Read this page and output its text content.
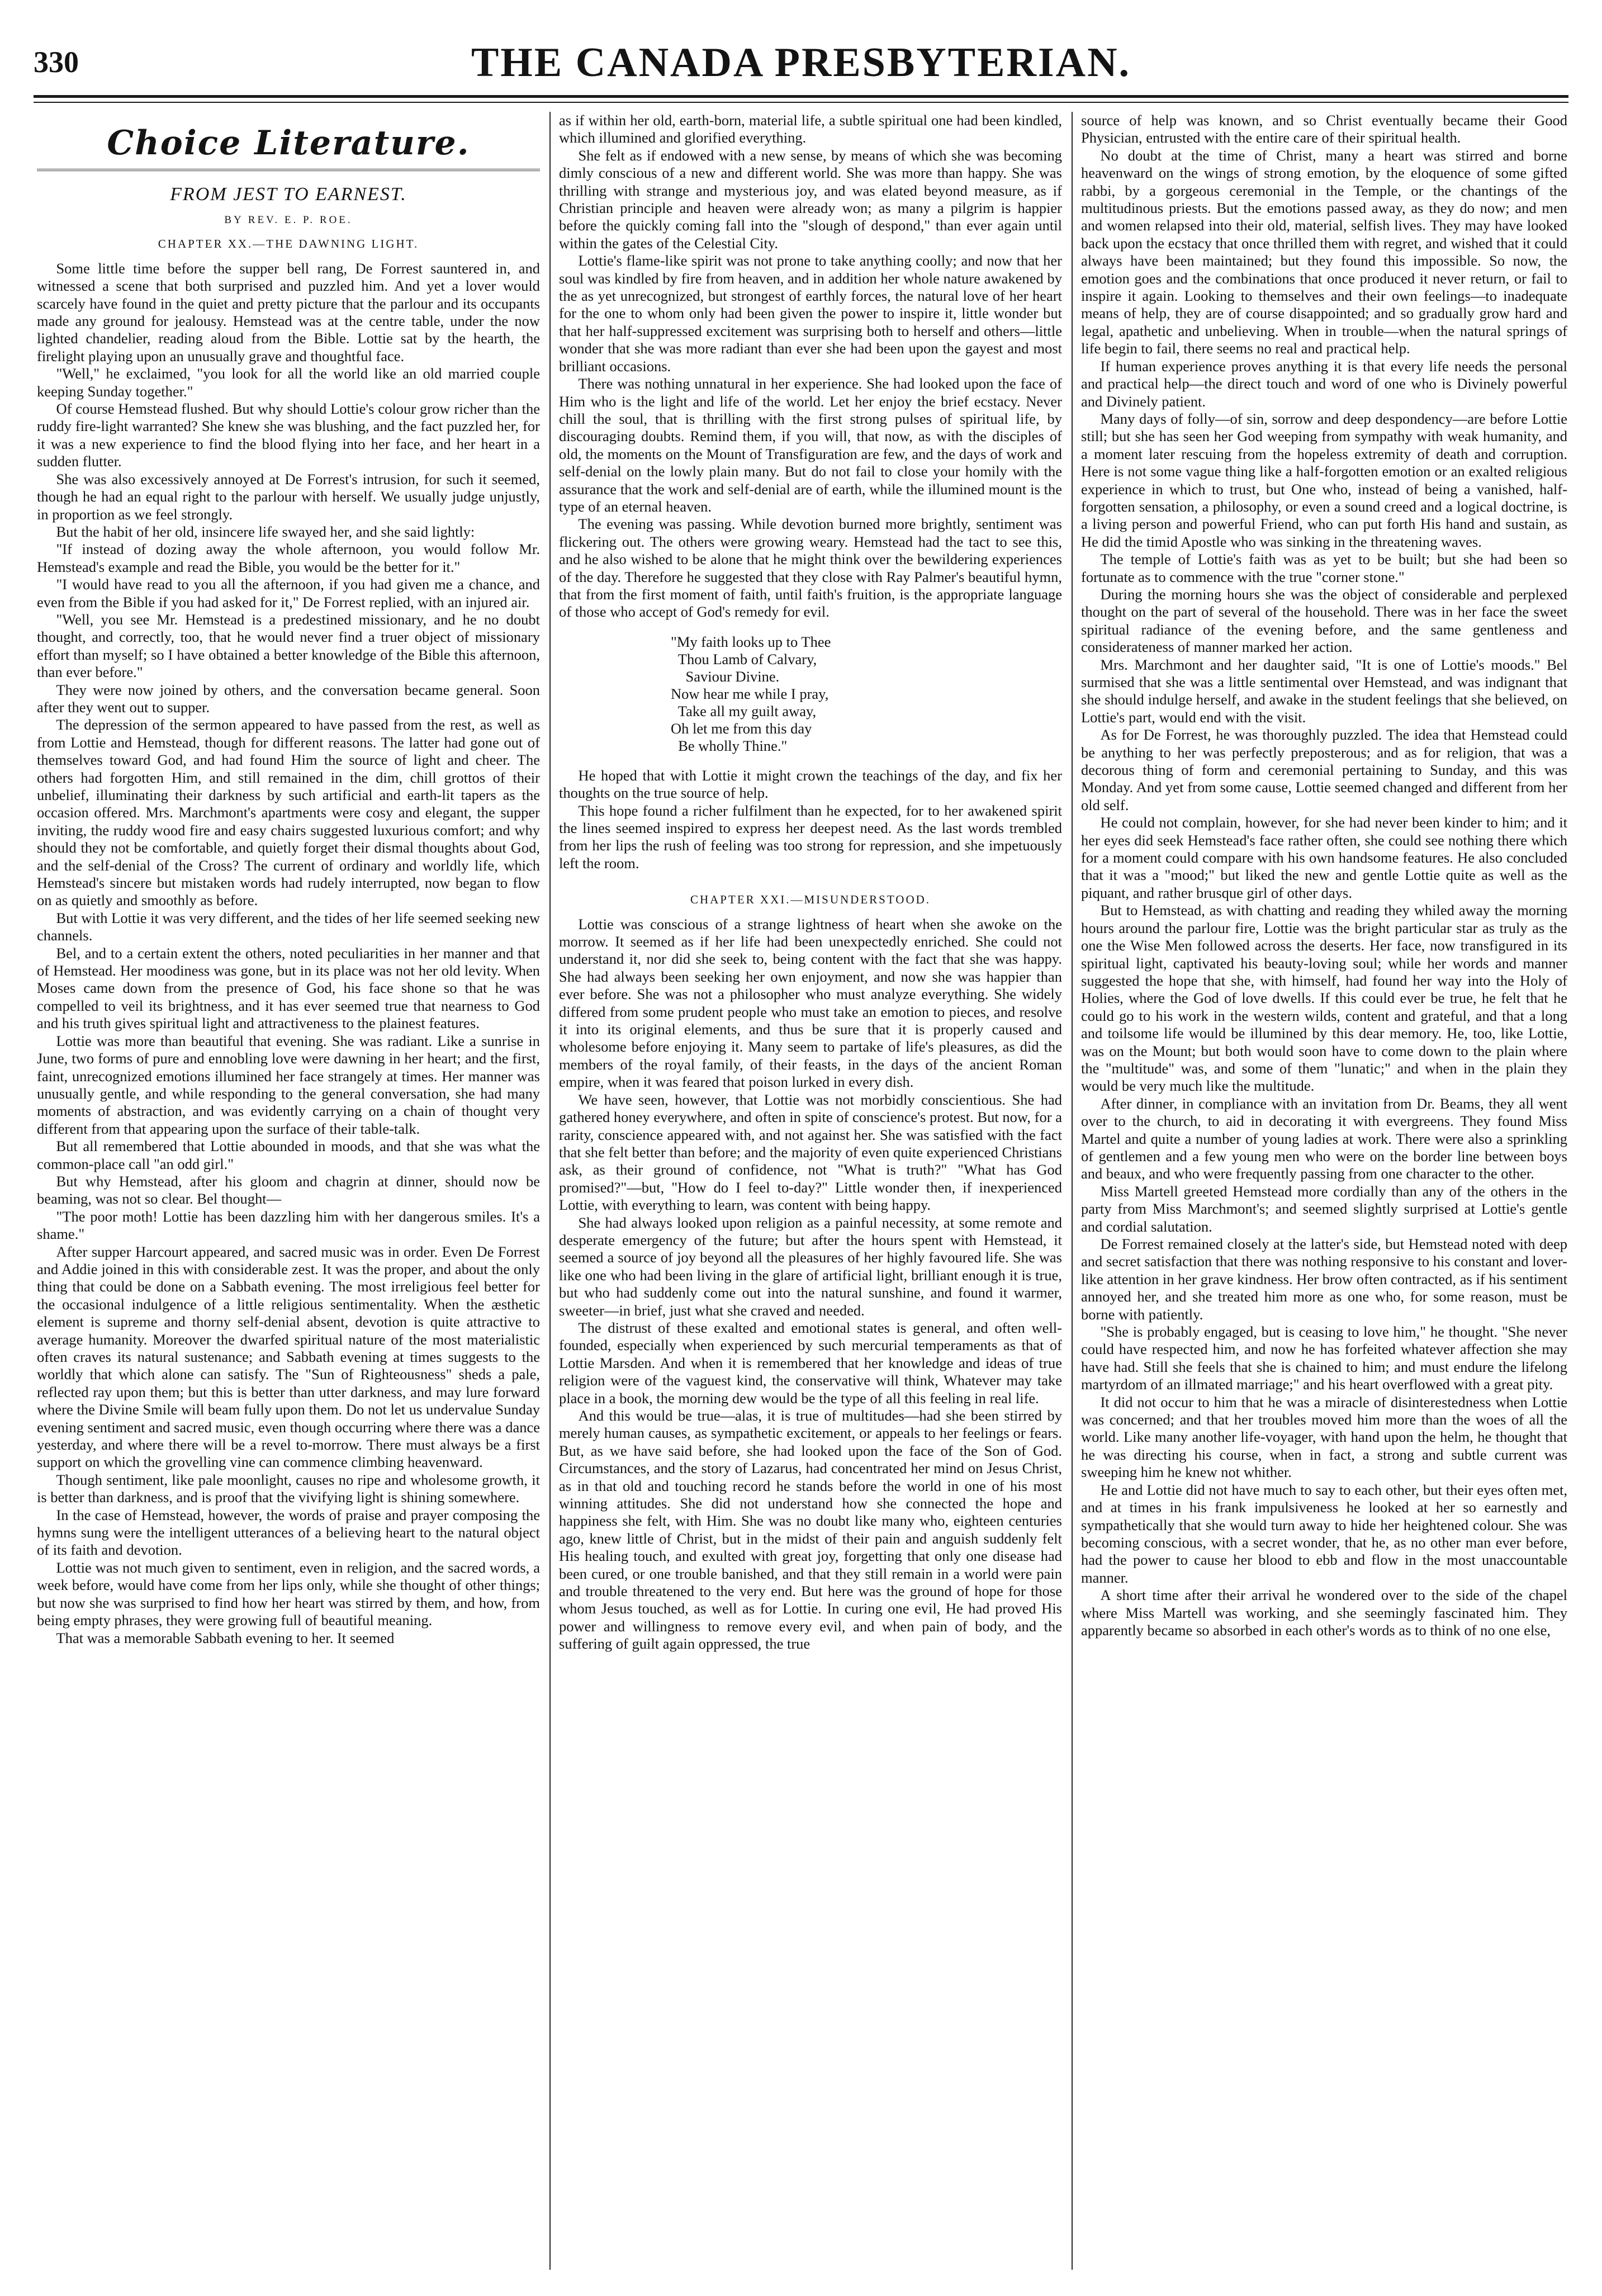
330	THE CANADA PRESBYTERIAN.
Choice Literature.
FROM JEST TO EARNEST.
BY REV. E. P. ROE.
CHAPTER XX.—THE DAWNING LIGHT.

Some little time before the supper bell rang, De Forrest sauntered in, and witnessed a scene that both surprised and puzzled him. And yet a lover would scarcely have found in the quiet and pretty picture that the parlour and its occupants made any ground for jealousy. Hemstead was at the centre table, under the now lighted chandelier, reading aloud from the Bible. Lottie sat by the hearth, the firelight playing upon an unusually grave and thoughtful face.

"Well," he exclaimed, "you look for all the world like an old married couple keeping Sunday together."

Of course Hemstead flushed. But why should Lottie's colour grow richer than the ruddy fire-light warranted? She knew she was blushing, and the fact puzzled her, for it was a new experience to find the blood flying into her face, and her heart in a sudden flutter.

She was also excessively annoyed at De Forrest's intrusion, for such it seemed, though he had an equal right to the parlour with herself. We usually judge unjustly, in proportion as we feel strongly.

But the habit of her old, insincere life swayed her, and she said lightly:

"If instead of dozing away the whole afternoon, you would follow Mr. Hemstead's example and read the Bible, you would be the better for it."

"I would have read to you all the afternoon, if you had given me a chance, and even from the Bible if you had asked for it," De Forrest replied, with an injured air.

"Well, you see Mr. Hemstead is a predestined missionary, and he no doubt thought, and correctly, too, that he would never find a truer object of missionary effort than myself; so I have obtained a better knowledge of the Bible this afternoon, than ever before."

They were now joined by others, and the conversation became general. Soon after they went out to supper.

The depression of the sermon appeared to have passed from the rest, as well as from Lottie and Hemstead, though for different reasons. The latter had gone out of themselves toward God, and had found Him the source of light and cheer. The others had forgotten Him, and still remained in the dim, chill grottos of their unbelief, illuminating their darkness by such artificial and earth-lit tapers as the occasion offered. Mrs. Marchmont's apartments were cosy and elegant, the supper inviting, the ruddy wood fire and easy chairs suggested luxurious comfort; and why should they not be comfortable, and quietly forget their dismal thoughts about God, and the self-denial of the Cross? The current of ordinary and worldly life, which Hemstead's sincere but mistaken words had rudely interrupted, now began to flow on as quietly and smoothly as before.

But with Lottie it was very different, and the tides of her life seemed seeking new channels.

Bel, and to a certain extent the others, noted peculiarities in her manner and that of Hemstead. Her moodiness was gone, but in its place was not her old levity. When Moses came down from the presence of God, his face shone so that he was compelled to veil its brightness, and it has ever seemed true that nearness to God and his truth gives spiritual light and attractiveness to the plainest features.

Lottie was more than beautiful that evening. She was radiant. Like a sunrise in June, two forms of pure and ennobling love were dawning in her heart; and the first, faint, unrecognized emotions illumined her face strangely at times. Her manner was unusually gentle, and while responding to the general conversation, she had many moments of abstraction, and was evidently carrying on a chain of thought very different from that appearing upon the surface of their table-talk.

But all remembered that Lottie abounded in moods, and that she was what the common-place call "an odd girl."

But why Hemstead, after his gloom and chagrin at dinner, should now be beaming, was not so clear. Bel thought—

"The poor moth! Lottie has been dazzling him with her dangerous smiles. It's a shame."

After supper Harcourt appeared, and sacred music was in order. Even De Forrest and Addie joined in this with considerable zest. It was the proper, and about the only thing that could be done on a Sabbath evening. The most irreligious feel better for the occasional indulgence of a little religious sentimentality. When the æsthetic element is supreme and thorny self-denial absent, devotion is quite attractive to average humanity. Moreover the dwarfed spiritual nature of the most materialistic often craves its natural sustenance; and Sabbath evening at times suggests to the worldly that which alone can satisfy. The "Sun of Righteousness" sheds a pale, reflected ray upon them; but this is better than utter darkness, and may lure forward where the Divine Smile will beam fully upon them. Do not let us undervalue Sunday evening sentiment and sacred music, even though occurring where there was a dance yesterday, and where there will be a revel to-morrow. There must always be a first support on which the grovelling vine can commence climbing heavenward.

Though sentiment, like pale moonlight, causes no ripe and wholesome growth, it is better than darkness, and is proof that the vivifying light is shining somewhere.

In the case of Hemstead, however, the words of praise and prayer composing the hymns sung were the intelligent utterances of a believing heart to the natural object of its faith and devotion.

Lottie was not much given to sentiment, even in religion, and the sacred words, a week before, would have come from her lips only, while she thought of other things; but now she was surprised to find how her heart was stirred by them, and how, from being empty phrases, they were growing full of beautiful meaning.

That was a memorable Sabbath evening to her. It seemed

as if within her old, earth-born, material life, a subtle spiritual one had been kindled, which illumined and glorified everything.

She felt as if endowed with a new sense, by means of which she was becoming dimly conscious of a new and different world. She was more than happy. She was thrilling with strange and mysterious joy, and was elated beyond measure, as if Christian principle and heaven were already won; as many a pilgrim is happier before the quickly coming fall into the "slough of despond," than ever again until within the gates of the Celestial City.

Lottie's flame-like spirit was not prone to take anything coolly; and now that her soul was kindled by fire from heaven, and in addition her whole nature awakened by the as yet unrecognized, but strongest of earthly forces, the natural love of her heart for the one to whom only had been given the power to inspire it, little wonder but that her half-suppressed excitement was surprising both to herself and others—little wonder that she was more radiant than ever she had been upon the gayest and most brilliant occasions.

There was nothing unnatural in her experience. She had looked upon the face of Him who is the light and life of the world. Let her enjoy the brief ecstacy. Never chill the soul, that is thrilling with the first strong pulses of spiritual life, by discouraging doubts. Remind them, if you will, that now, as with the disciples of old, the moments on the Mount of Transfiguration are few, and the days of work and self-denial on the lowly plain many. But do not fail to close your homily with the assurance that the work and self-denial are of earth, while the illumined mount is the type of an eternal heaven.

The evening was passing. While devotion burned more brightly, sentiment was flickering out. The others were growing weary. Hemstead had the tact to see this, and he also wished to be alone that he might think over the bewildering experiences of the day. Therefore he suggested that they close with Ray Palmer's beautiful hymn, that from the first moment of faith, until faith's fruition, is the appropriate language of those who accept of God's remedy for evil.

"My faith looks up to Thee
Thou Lamb of Calvary,
Saviour Divine.
Now hear me while I pray,
Take all my guilt away,
Oh let me from this day
Be wholly Thine."

He hoped that with Lottie it might crown the teachings of the day, and fix her thoughts on the true source of help.

This hope found a richer fulfilment than he expected, for to her awakened spirit the lines seemed inspired to express her deepest need. As the last words trembled from her lips the rush of feeling was too strong for repression, and she impetuously left the room.

CHAPTER XXI.—MISUNDERSTOOD.

Lottie was conscious of a strange lightness of heart when she awoke on the morrow. It seemed as if her life had been unexpectedly enriched. She could not understand it, nor did she seek to, being content with the fact that she was happy. She had always been seeking her own enjoyment, and now she was happier than ever before. She was not a philosopher who must analyze everything. She widely differed from some prudent people who must take an emotion to pieces, and resolve it into its original elements, and thus be sure that it is properly caused and wholesome before enjoying it. Many seem to partake of life's pleasures, as did the members of the royal family, of their feasts, in the days of the ancient Roman empire, when it was feared that poison lurked in every dish.

We have seen, however, that Lottie was not morbidly conscientious. She had gathered honey everywhere, and often in spite of conscience's protest. But now, for a rarity, conscience appeared with, and not against her. She was satisfied with the fact that she felt better than before; and the majority of even quite experienced Christians ask, as their ground of confidence, not "What is truth?" "What has God promised?"—but, "How do I feel to-day?" Little wonder then, if inexperienced Lottie, with everything to learn, was content with being happy.

She had always looked upon religion as a painful necessity, at some remote and desperate emergency of the future; but after the hours spent with Hemstead, it seemed a source of joy beyond all the pleasures of her highly favoured life. She was like one who had been living in the glare of artificial light, brilliant enough it is true, but who had suddenly come out into the natural sunshine, and found it warmer, sweeter—in brief, just what she craved and needed.

The distrust of these exalted and emotional states is general, and often well-founded, especially when experienced by such mercurial temperaments as that of Lottie Marsden. And when it is remembered that her knowledge and ideas of true religion were of the vaguest kind, the conservative will think, Whatever may take place in a book, the morning dew would be the type of all this feeling in real life.

And this would be true—alas, it is true of multitudes—had she been stirred by merely human causes, as sympathetic excitement, or appeals to her feelings or fears. But, as we have said before, she had looked upon the face of the Son of God. Circumstances, and the story of Lazarus, had concentrated her mind on Jesus Christ, as in that old and touching record he stands before the world in one of his most winning attitudes. She did not understand how she connected the hope and happiness she felt, with Him. She was no doubt like many who, eighteen centuries ago, knew little of Christ, but in the midst of their pain and anguish suddenly felt His healing touch, and exulted with great joy, forgetting that only one disease had been cured, or one trouble banished, and that they still remain in a world were pain and trouble threatened to the very end. But here was the ground of hope for those whom Jesus touched, as well as for Lottie. In curing one evil, He had proved His power and willingness to remove every evil, and when pain of body, and the suffering of guilt again oppressed, the true

source of help was known, and so Christ eventually became their Good Physician, entrusted with the entire care of their spiritual health.

No doubt at the time of Christ, many a heart was stirred and borne heavenward on the wings of strong emotion, by the eloquence of some gifted rabbi, by a gorgeous ceremonial in the Temple, or the chantings of the multitudinous priests. But the emotions passed away, as they do now; and men and women relapsed into their old, material, selfish lives. They may have looked back upon the ecstacy that once thrilled them with regret, and wished that it could always have been maintained; but they found this impossible. So now, the emotion goes and the combinations that once produced it never return, or fail to inspire it again. Looking to themselves and their own feelings—to inadequate means of help, they are of course disappointed; and so gradually grow hard and legal, apathetic and unbelieving. When in trouble—when the natural springs of life begin to fail, there seems no real and practical help.

If human experience proves anything it is that every life needs the personal and practical help—the direct touch and word of one who is Divinely powerful and Divinely patient.

Many days of folly—of sin, sorrow and deep despondency—are before Lottie still; but she has seen her God weeping from sympathy with weak humanity, and a moment later rescuing from the hopeless extremity of death and corruption. Here is not some vague thing like a half-forgotten emotion or an exalted religious experience in which to trust, but One who, instead of being a vanished, half-forgotten sensation, a philosophy, or even a sound creed and a logical doctrine, is a living person and powerful Friend, who can put forth His hand and sustain, as He did the timid Apostle who was sinking in the threatening waves.

The temple of Lottie's faith was as yet to be built; but she had been so fortunate as to commence with the true "corner stone."

During the morning hours she was the object of considerable and perplexed thought on the part of several of the household. There was in her face the sweet spiritual radiance of the evening before, and the same gentleness and considerateness of manner marked her action.

Mrs. Marchmont and her daughter said, "It is one of Lottie's moods." Bel surmised that she was a little sentimental over Hemstead, and was indignant that she should indulge herself, and awake in the student feelings that she believed, on Lottie's part, would end with the visit.

As for De Forrest, he was thoroughly puzzled. The idea that Hemstead could be anything to her was perfectly preposterous; and as for religion, that was a decorous thing of form and ceremonial pertaining to Sunday, and this was Monday. And yet from some cause, Lottie seemed changed and different from her old self.

He could not complain, however, for she had never been kinder to him; and it her eyes did seek Hemstead's face rather often, she could see nothing there which for a moment could compare with his own handsome features. He also concluded that it was a "mood;" but liked the new and gentle Lottie quite as well as the piquant, and rather brusque girl of other days.

But to Hemstead, as with chatting and reading they whiled away the morning hours around the parlour fire, Lottie was the bright particular star as truly as the one the Wise Men followed across the deserts. Her face, now transfigured in its spiritual light, captivated his beauty-loving soul; while her words and manner suggested the hope that she, with himself, had found her way into the Holy of Holies, where the God of love dwells. If this could ever be true, he felt that he could go to his work in the western wilds, content and grateful, and that a long and toilsome life would be illumined by this dear memory. He, too, like Lottie, was on the Mount; but both would soon have to come down to the plain where the "multitude" was, and some of them "lunatic;" and when in the plain they would be very much like the multitude.

After dinner, in compliance with an invitation from Dr. Beams, they all went over to the church, to aid in decorating it with evergreens. They found Miss Martel and quite a number of young ladies at work. There were also a sprinkling of gentlemen and a few young men who were on the border line between boys and beaux, and who were frequently passing from one character to the other.

Miss Martell greeted Hemstead more cordially than any of the others in the party from Miss Marchmont's; and seemed slightly surprised at Lottie's gentle and cordial salutation.

De Forrest remained closely at the latter's side, but Hemstead noted with deep and secret satisfaction that there was nothing responsive to his constant and lover-like attention in her grave kindness. Her brow often contracted, as if his sentiment annoyed her, and she treated him more as one who, for some reason, must be borne with patiently.

"She is probably engaged, but is ceasing to love him," he thought. "She never could have respected him, and now he has forfeited whatever affection she may have had. Still she feels that she is chained to him; and must endure the lifelong martyrdom of an illmated marriage;" and his heart overflowed with a great pity.

It did not occur to him that he was a miracle of disinterestedness when Lottie was concerned; and that her troubles moved him more than the woes of all the world. Like many another life-voyager, with hand upon the helm, he thought that he was directing his course, when in fact, a strong and subtle current was sweeping him he knew not whither.

He and Lottie did not have much to say to each other, but their eyes often met, and at times in his frank impulsiveness he looked at her so earnestly and sympathetically that she would turn away to hide her heightened colour. She was becoming conscious, with a secret wonder, that he, as no other man ever before, had the power to cause her blood to ebb and flow in the most unaccountable manner.

A short time after their arrival he wondered over to the side of the chapel where Miss Martell was working, and she seemingly fascinated him. They apparently became so absorbed in each other's words as to think of no one else,
